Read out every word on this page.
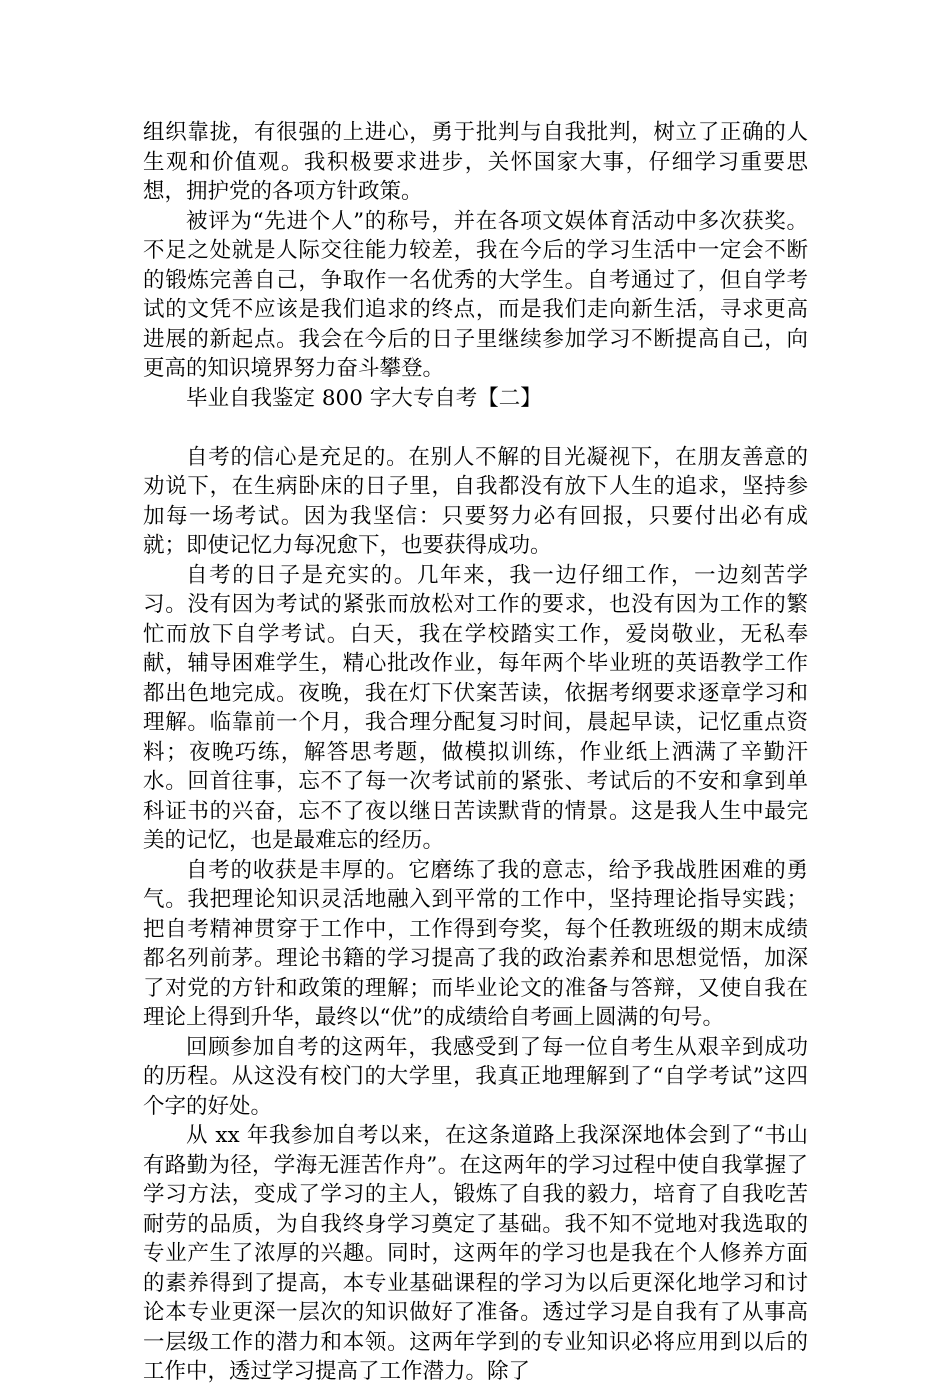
组织靠拢，有很强的上进心，勇于批判与自我批判，树立了正确的人生观和价值观。我积极要求进步，关怀国家大事，仔细学习重要思想，拥护党的各项方针政策。

被评为“先进个人”的称号，并在各项文娱体育活动中多次获奖。不足之处就是人际交往能力较差，我在今后的学习生活中一定会不断的锻炼完善自己，争取作一名优秀的大学生。自考通过了，但自学考试的文凭不应该是我们追求的终点，而是我们走向新生活，寻求更高进展的新起点。我会在今后的日子里继续参加学习不断提高自己，向更高的知识境界努力奋斗攀登。

毕业自我鉴定 800 字大专自考【二】

自考的信心是充足的。在别人不解的目光凝视下，在朋友善意的劝说下，在生病卧床的日子里，自我都没有放下人生的追求，坚持参加每一场考试。因为我坚信：只要努力必有回报，只要付出必有成就；即使记忆力每况愈下，也要获得成功。

自考的日子是充实的。几年来，我一边仔细工作，一边刻苦学习。没有因为考试的紧张而放松对工作的要求，也没有因为工作的繁忙而放下自学考试。白天，我在学校踏实工作，爱岗敬业，无私奉献，辅导困难学生，精心批改作业，每年两个毕业班的英语教学工作都出色地完成。夜晚，我在灯下伏案苦读，依据考纲要求逐章学习和理解。临靠前一个月，我合理分配复习时间，晨起早读，记忆重点资料；夜晚巧练，解答思考题，做模拟训练，作业纸上洒满了辛勤汗水。回首往事，忘不了每一次考试前的紧张、考试后的不安和拿到单科证书的兴奋，忘不了夜以继日苦读默背的情景。这是我人生中最完美的记忆，也是最难忘的经历。

自考的收获是丰厚的。它磨练了我的意志，给予我战胜困难的勇气。我把理论知识灵活地融入到平常的工作中，坚持理论指导实践；把自考精神贯穿于工作中，工作得到夸奖，每个任教班级的期末成绩都名列前茅。理论书籍的学习提高了我的政治素养和思想觉悟，加深了对党的方针和政策的理解；而毕业论文的准备与答辩，又使自我在理论上得到升华，最终以“优”的成绩给自考画上圆满的句号。

回顾参加自考的这两年，我感受到了每一位自考生从艰辛到成功的历程。从这没有校门的大学里，我真正地理解到了“自学考试”这四个字的好处。

从 xx 年我参加自考以来，在这条道路上我深深地体会到了“书山有路勤为径，学海无涯苦作舟”。在这两年的学习过程中使自我掌握了学习方法，变成了学习的主人，锻炼了自我的毅力，培育了自我吃苦耐劳的品质，为自我终身学习奠定了基础。我不知不觉地对我选取的专业产生了浓厚的兴趣。同时，这两年的学习也是我在个人修养方面的素养得到了提高，本专业基础课程的学习为以后更深化地学习和讨论本专业更深一层次的知识做好了准备。透过学习是自我有了从事高一层级工作的潜力和本领。这两年学到的专业知识必将应用到以后的工作中，透过学习提高了工作潜力。除了
